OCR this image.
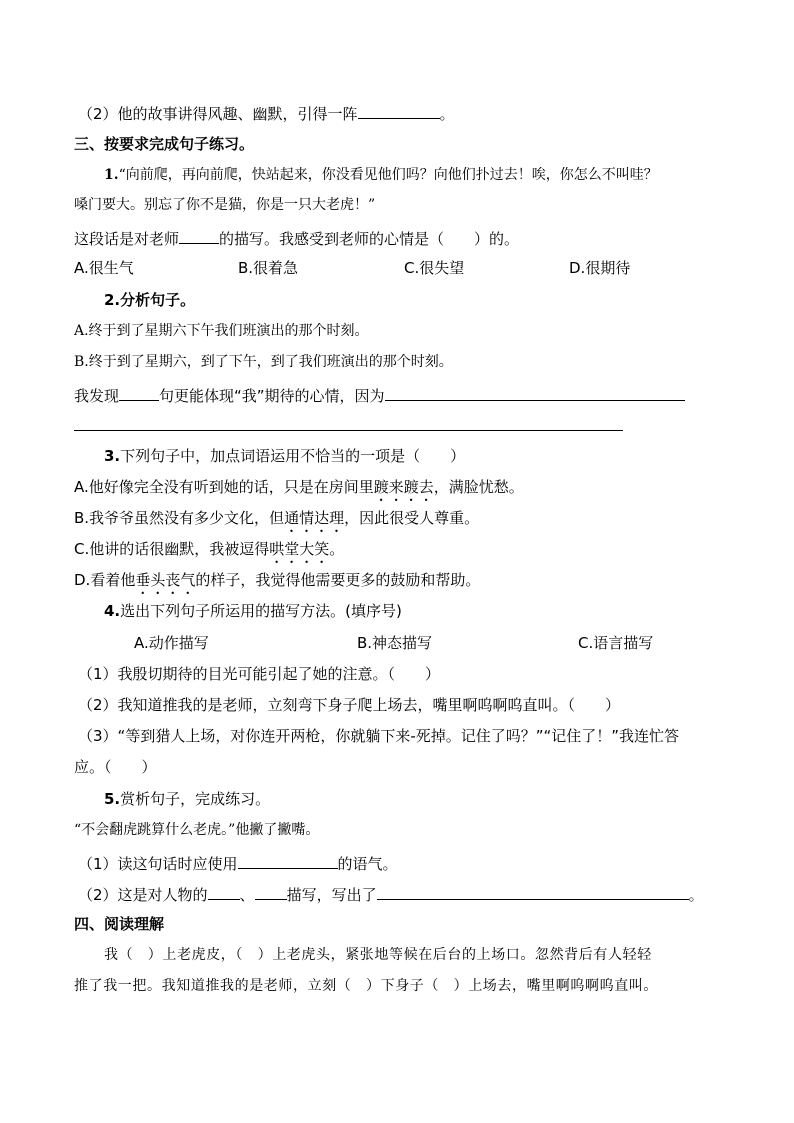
（2）他的故事讲得风趣、幽默，引得一阵	。
三、按要求完成句子练习。
1.“向前爬，再向前爬，快站起来，你没看见他们吗？向他们扑过去！唉，你怎么不叫哇？
嗓门要大。别忘了你不是猫，你是一只大老虎！”
这段话是对老师	的描写。我感受到老师的心情是（　　）的。
A.很生气	B.很着急	C.很失望	D.很期待
2.分析句子。
A.终于到了星期六下午我们班演出的那个时刻。
B.终于到了星期六，到了下午，到了我们班演出的那个时刻。
我发现	句更能体现“我”期待的心情，因为
3.下列句子中，加点词语运用不恰当的一项是（　　）
A.他好像完全没有听到她的话，只是在房间里踱来踱去，满脸忧愁。
B.我爷爷虽然没有多少文化，但通情达理，因此很受人尊重。
C.他讲的话很幽默，我被逗得哄堂大笑。
D.看着他垂头丧气的样子，我觉得他需要更多的鼓励和帮助。
4.选出下列句子所运用的描写方法。(填序号)
A.动作描写	B.神态描写	C.语言描写
（1）我殷切期待的目光可能引起了她的注意。（　　）
（2）我知道推我的是老师，立刻弯下身子爬上场去，嘴里啊呜啊呜直叫。（　　）
（3）“等到猎人上场，对你连开两枪，你就躺下来-死掉。记住了吗？”“记住了！”我连忙答
应。（　　）
5.赏析句子，完成练习。
“不会翻虎跳算什么老虎。”他撇了撇嘴。
（1）读这句话时应使用	的语气。
（2）这是对人物的 、 描写，写出了	。
四、阅读理解
我（　）上老虎皮，（　）上老虎头，紧张地等候在后台的上场口。忽然背后有人轻轻
推了我一把。我知道推我的是老师，立刻（　）下身子（　）上场去，嘴里啊呜啊呜直叫。
